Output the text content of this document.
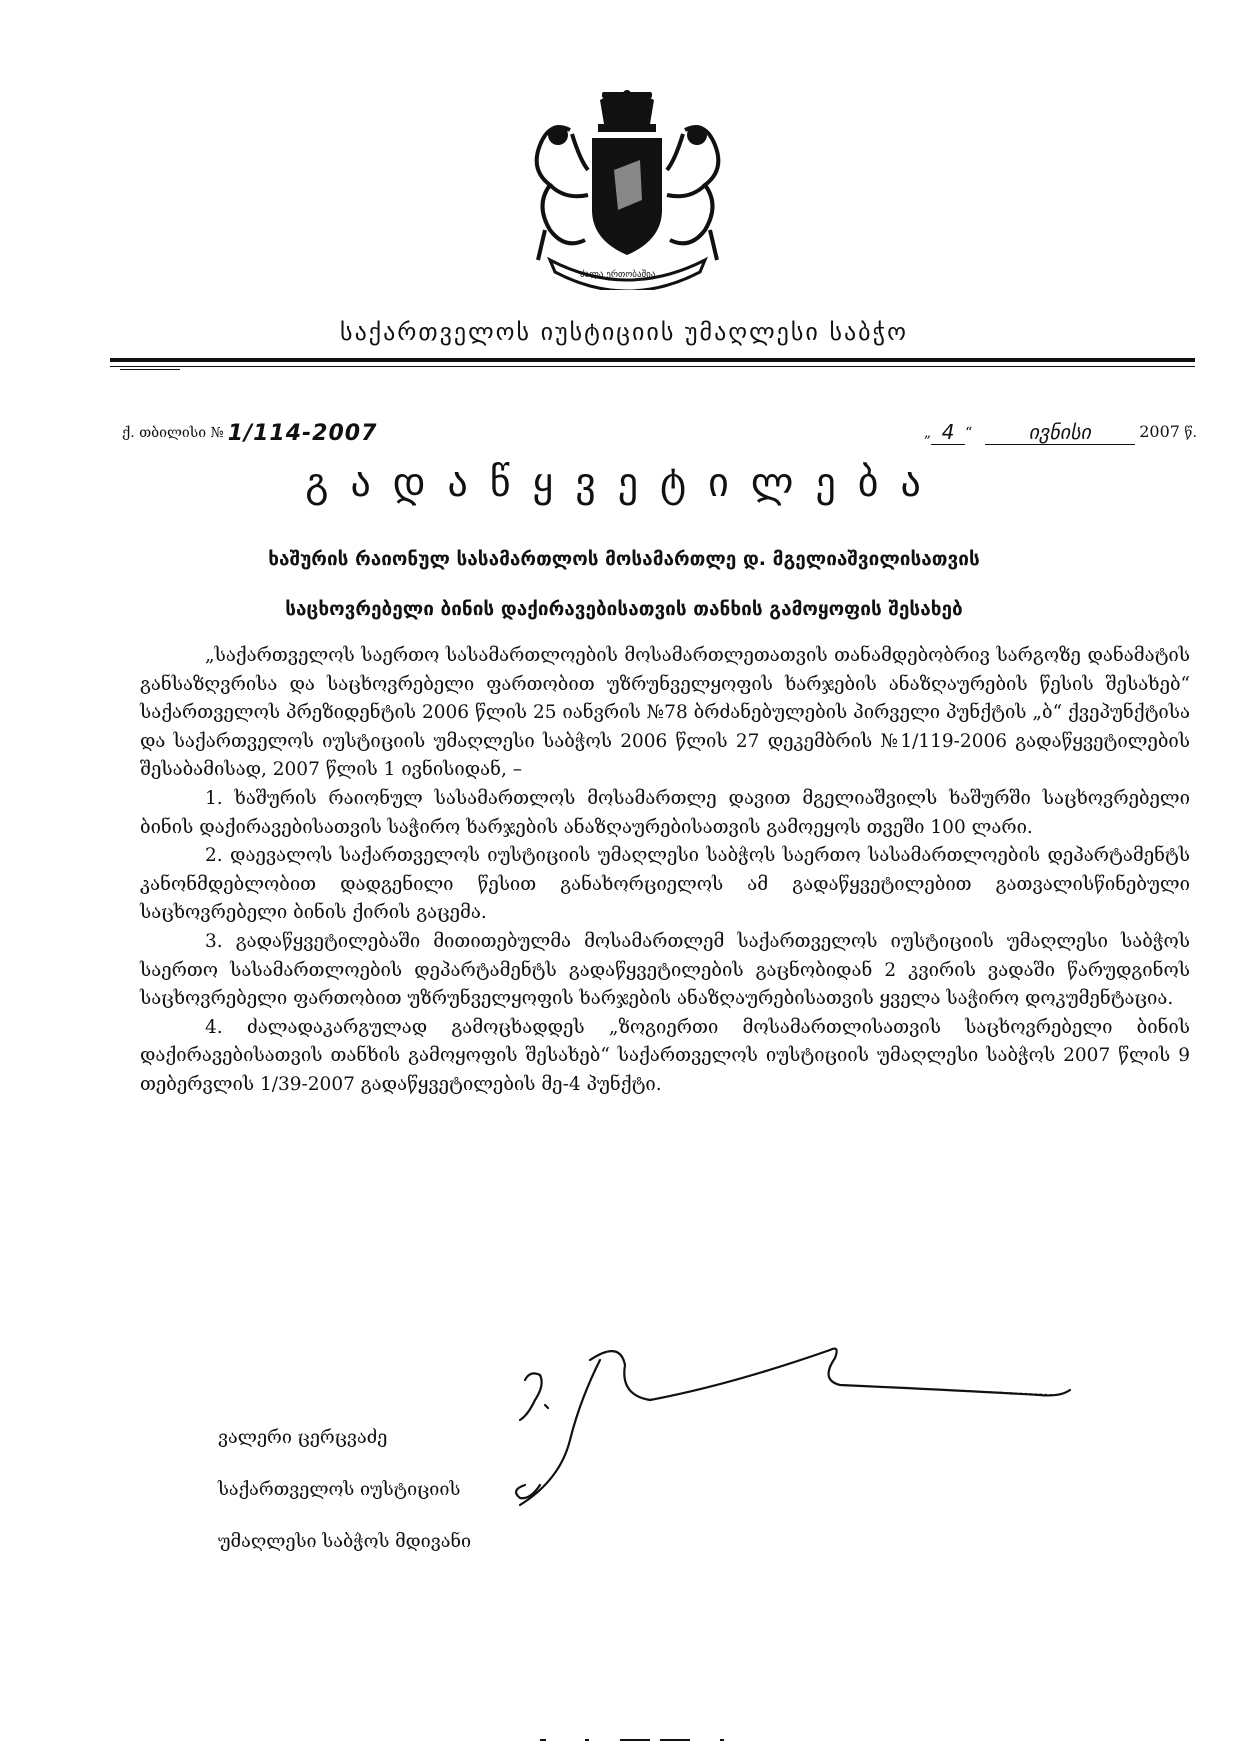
ძალა ერთობაშია
საქართველოს იუსტიციის უმაღლესი საბჭო
ქ. თბილისი № 1/114-2007	„ 4 “	ივნისი	2007 წ.
გადაწყვეტილება
ხაშურის რაიონულ სასამართლოს მოსამართლე დ. მგელიაშვილისათვის
საცხოვრებელი ბინის დაქირავებისათვის თანხის გამოყოფის შესახებ

„საქართველოს საერთო სასამართლოების მოსამართლეთათვის თანამდებობრივ სარგოზე დანამატის განსაზღვრისა და საცხოვრებელი ფართობით უზრუნველყოფის ხარჯების ანაზღაურების წესის შესახებ“ საქართველოს პრეზიდენტის 2006 წლის 25 იანვრის №78 ბრძანებულების პირველი პუნქტის „ბ“ ქვეპუნქტისა და საქართველოს იუსტიციის უმაღლესი საბჭოს 2006 წლის 27 დეკემბრის №1/119-2006 გადაწყვეტილების შესაბამისად, 2007 წლის 1 ივნისიდან, –

1. ხაშურის რაიონულ სასამართლოს მოსამართლე დავით მგელიაშვილს ხაშურში საცხოვრებელი ბინის დაქირავებისათვის საჭირო ხარჯების ანაზღაურებისათვის გამოეყოს თვეში 100 ლარი.

2. დაევალოს საქართველოს იუსტიციის უმაღლესი საბჭოს საერთო სასამართლოების დეპარტამენტს კანონმდებლობით დადგენილი წესით განახორციელოს ამ გადაწყვეტილებით გათვალისწინებული საცხოვრებელი ბინის ქირის გაცემა.

3. გადაწყვეტილებაში მითითებულმა მოსამართლემ საქართველოს იუსტიციის უმაღლესი საბჭოს საერთო სასამართლოების დეპარტამენტს გადაწყვეტილების გაცნობიდან 2 კვირის ვადაში წარუდგინოს საცხოვრებელი ფართობით უზრუნველყოფის ხარჯების ანაზღაურებისათვის ყველა საჭირო დოკუმენტაცია.

4. ძალადაკარგულად გამოცხადდეს „ზოგიერთი მოსამართლისათვის საცხოვრებელი ბინის დაქირავებისათვის თანხის გამოყოფის შესახებ“ საქართველოს იუსტიციის უმაღლესი საბჭოს 2007 წლის 9 თებერვლის 1/39-2007 გადაწყვეტილების მე-4 პუნქტი.

ვალერი ცერცვაძე
საქართველოს იუსტიციის
უმაღლესი საბჭოს მდივანი
